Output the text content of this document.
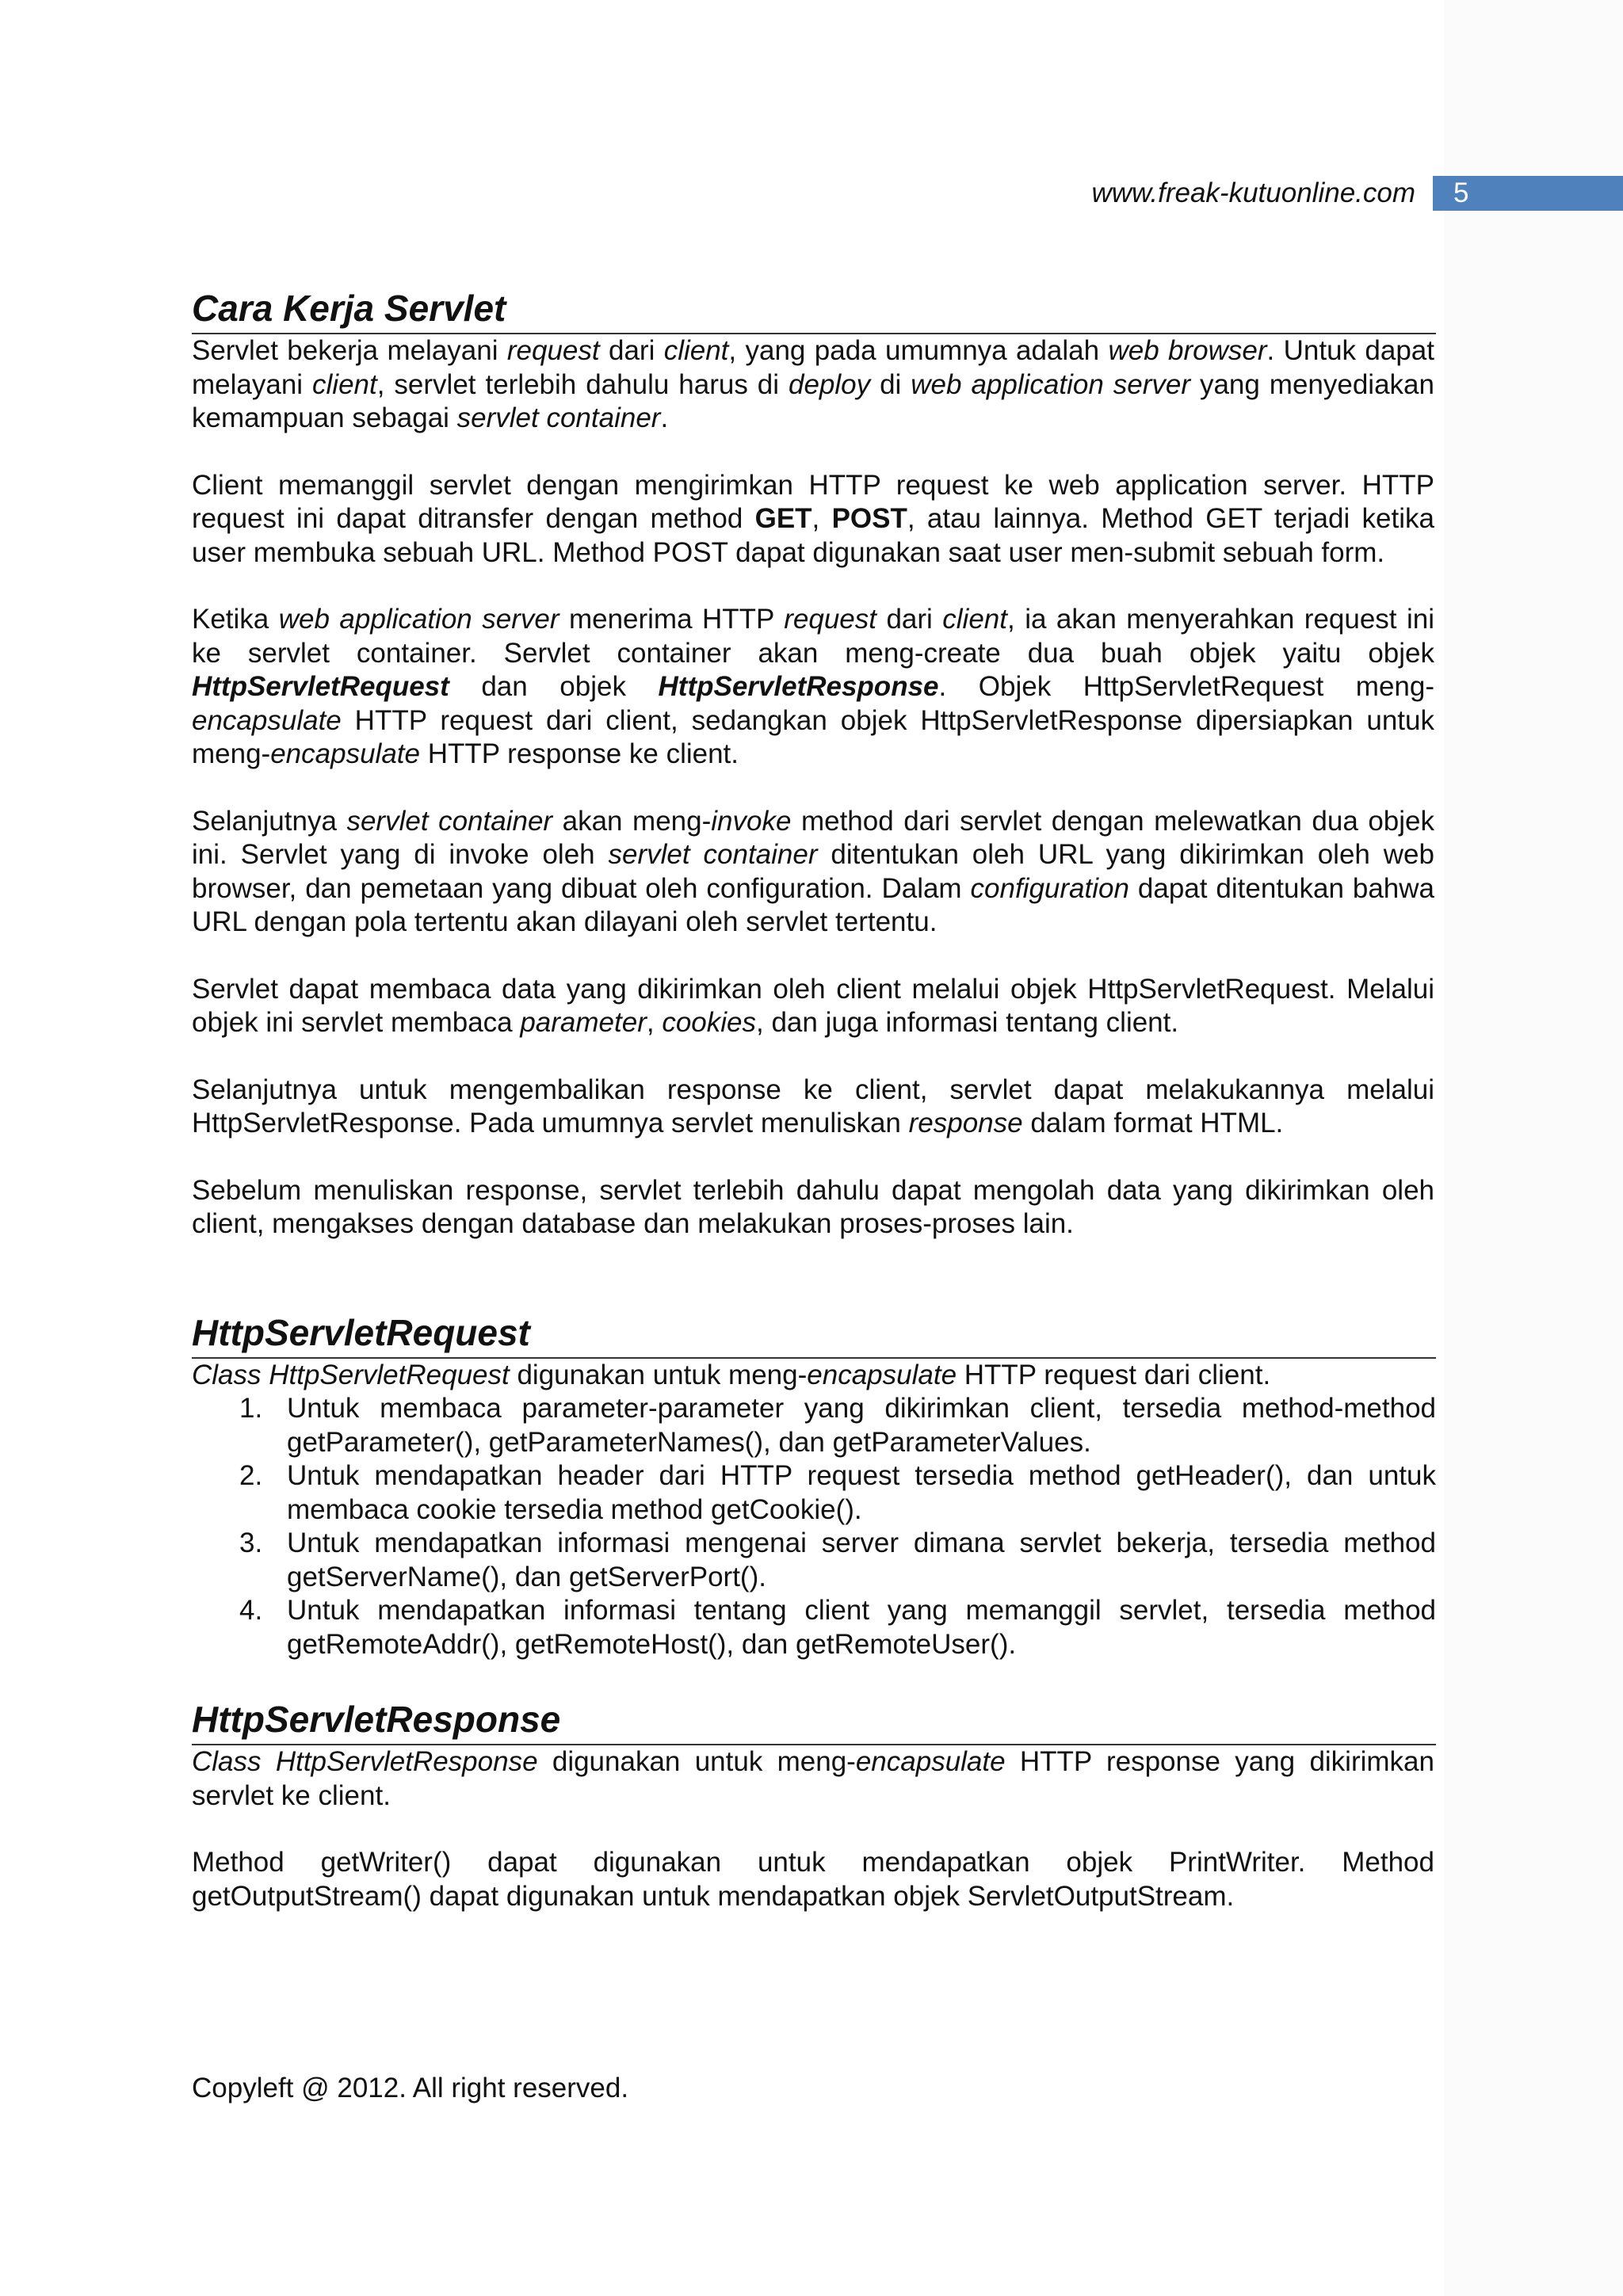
www.freak-kutuonline.com 5
Cara Kerja Servlet

Servlet bekerja melayani request dari client, yang pada umumnya adalah web browser. Untuk dapat melayani client, servlet terlebih dahulu harus di deploy di web application server yang menyediakan kemampuan sebagai servlet container.

Client memanggil servlet dengan mengirimkan HTTP request ke web application server. HTTP request ini dapat ditransfer dengan method GET, POST, atau lainnya. Method GET terjadi ketika user membuka sebuah URL. Method POST dapat digunakan saat user men-submit sebuah form.

Ketika web application server menerima HTTP request dari client, ia akan menyerahkan request ini ke servlet container. Servlet container akan meng-create dua buah objek yaitu objek HttpServletRequest dan objek HttpServletResponse. Objek HttpServletRequest meng-encapsulate HTTP request dari client, sedangkan objek HttpServletResponse dipersiapkan untuk meng-encapsulate HTTP response ke client.

Selanjutnya servlet container akan meng-invoke method dari servlet dengan melewatkan dua objek ini. Servlet yang di invoke oleh servlet container ditentukan oleh URL yang dikirimkan oleh web browser, dan pemetaan yang dibuat oleh configuration. Dalam configuration dapat ditentukan bahwa URL dengan pola tertentu akan dilayani oleh servlet tertentu.

Servlet dapat membaca data yang dikirimkan oleh client melalui objek HttpServletRequest. Melalui objek ini servlet membaca parameter, cookies, dan juga informasi tentang client.

Selanjutnya untuk mengembalikan response ke client, servlet dapat melakukannya melalui HttpServletResponse. Pada umumnya servlet menuliskan response dalam format HTML.

Sebelum menuliskan response, servlet terlebih dahulu dapat mengolah data yang dikirimkan oleh client, mengakses dengan database dan melakukan proses-proses lain.

HttpServletRequest

Class HttpServletRequest digunakan untuk meng-encapsulate HTTP request dari client.

1. Untuk membaca parameter-parameter yang dikirimkan client, tersedia method-method getParameter(), getParameterNames(), dan getParameterValues.
2. Untuk mendapatkan header dari HTTP request tersedia method getHeader(), dan untuk membaca cookie tersedia method getCookie().
3. Untuk mendapatkan informasi mengenai server dimana servlet bekerja, tersedia method getServerName(), dan getServerPort().
4. Untuk mendapatkan informasi tentang client yang memanggil servlet, tersedia method getRemoteAddr(), getRemoteHost(), dan getRemoteUser().
HttpServletResponse

Class HttpServletResponse digunakan untuk meng-encapsulate HTTP response yang dikirimkan servlet ke client.

Method getWriter() dapat digunakan untuk mendapatkan objek PrintWriter. Method getOutputStream() dapat digunakan untuk mendapatkan objek ServletOutputStream.

Copyleft @ 2012. All right reserved.
